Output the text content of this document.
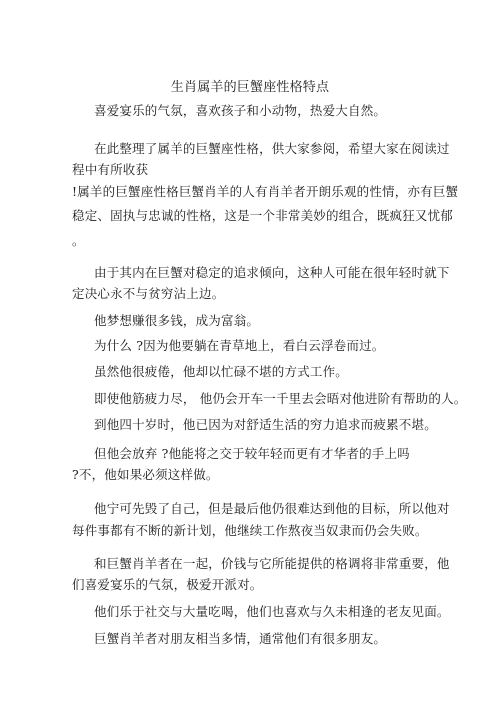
生肖属羊的巨蟹座性格特点
喜爱宴乐的气氛，喜欢孩子和小动物，热爱大自然。
在此整理了属羊的巨蟹座性格，供大家参阅，希望大家在阅读过
程中有所收获
!属羊的巨蟹座性格巨蟹肖羊的人有肖羊者开朗乐观的性情，亦有巨蟹
稳定、固执与忠诚的性格，这是一个非常美妙的组合，既疯狂又忧郁
。
由于其内在巨蟹对稳定的追求倾向，这种人可能在很年轻时就下
定决心永不与贫穷沾上边。
他梦想赚很多钱，成为富翁。
为什么 ?因为他要躺在青草地上，看白云浮卷而过。
虽然他很疲倦，他却以忙碌不堪的方式工作。
即使他筋疲力尽， 他仍会开车一千里去会晤对他进阶有帮助的人。
到他四十岁时，他已因为对舒适生活的穷力追求而疲累不堪。
但他会放弃 ?他能将之交于较年轻而更有才华者的手上吗
?不，他如果必须这样做。
他宁可先毁了自己，但是最后他仍很难达到他的目标，所以他对
每件事都有不断的新计划，他继续工作熬夜当奴隶而仍会失败。
和巨蟹肖羊者在一起，价钱与它所能提供的格调将非常重要，他
们喜爱宴乐的气氛，极爱开派对。
他们乐于社交与大量吃喝，他们也喜欢与久未相逢的老友见面。
巨蟹肖羊者对朋友相当多情，通常他们有很多朋友。
